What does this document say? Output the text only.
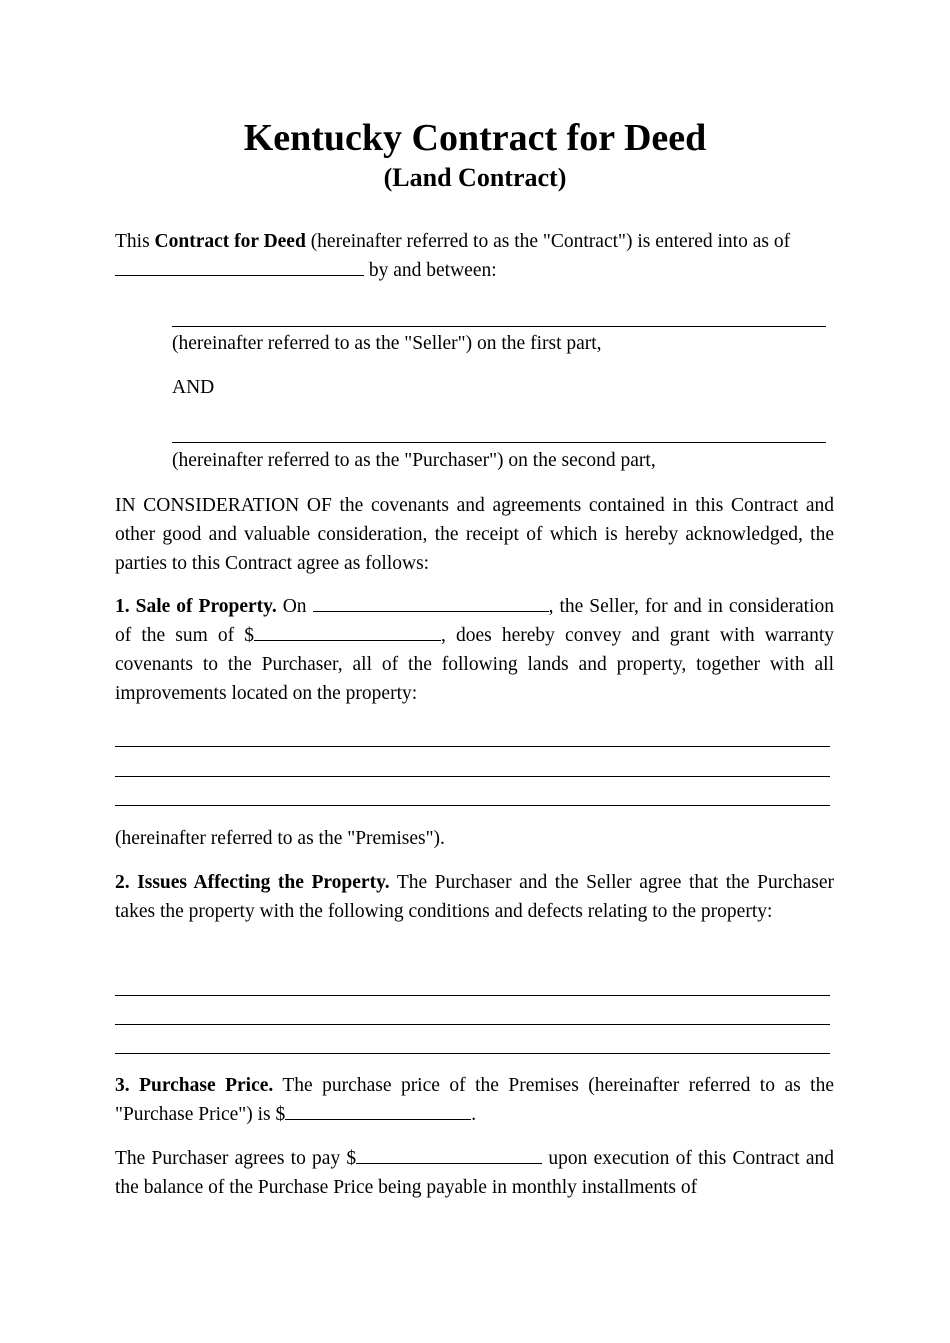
Kentucky Contract for Deed
(Land Contract)
This Contract for Deed (hereinafter referred to as the "Contract") is entered into as of
by and between:
(hereinafter referred to as the "Seller") on the first part,
AND
(hereinafter referred to as the "Purchaser") on the second part,
IN CONSIDERATION OF the covenants and agreements contained in this Contract and other good and valuable consideration, the receipt of which is hereby acknowledged, the parties to this Contract agree as follows:
1. Sale of Property. On	, the Seller, for and in consideration of the sum of $	, does hereby convey and grant with warranty covenants to the Purchaser, all of the following lands and property, together with all improvements located on the property:
(hereinafter referred to as the "Premises").
2. Issues Affecting the Property. The Purchaser and the Seller agree that the Purchaser takes the property with the following conditions and defects relating to the property:
3. Purchase Price. The purchase price of the Premises (hereinafter referred to as the "Purchase Price") is $	.
The Purchaser agrees to pay $	upon execution of this Contract and the balance of the Purchase Price being payable in monthly installments of
